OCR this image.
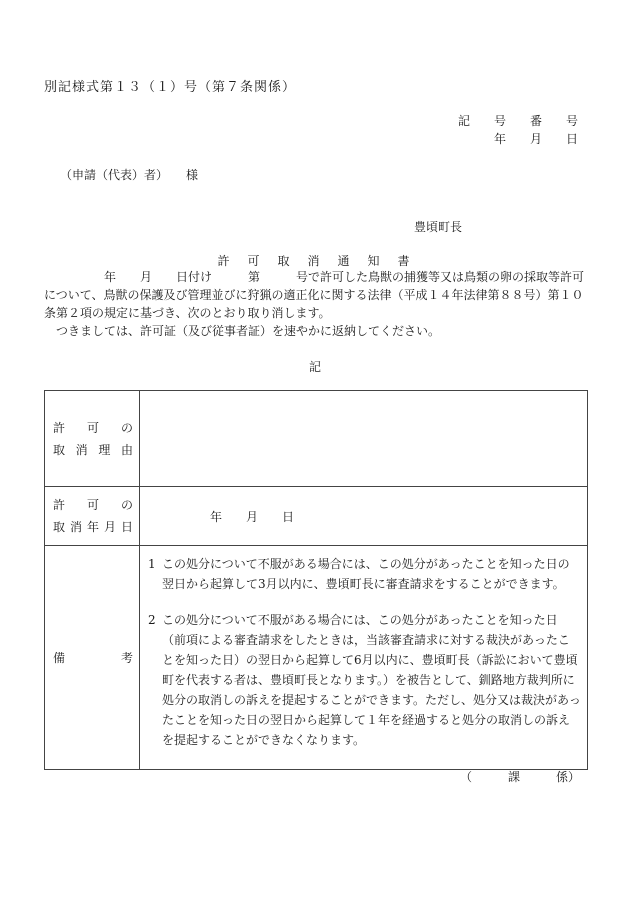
別記様式第１３（１）号（第７条関係）
記　　号　　番　　号
年　　月　　日
（申請（代表）者）　　様
豊頃町長
許　可　取　消　通　知　書

　　　　　年　　月　　日付け　　　第　　　号で許可した鳥獣の捕獲等又は鳥類の卵の採取等許可について、鳥獣の保護及び管理並びに狩猟の適正化に関する法律（平成１４年法律第８８号）第１０条第２項の規定に基づき、次のとおり取り消します。

　つきましては、許可証（及び従事者証）を速やかに返納してください。

記
許　可　の
取消理由	

許　可　の
取消年月日	年　　月　　日

備　　　考	1 この処分について不服がある場合には、この処分があったことを知った日の翌日から起算して3月以内に、豊頃町長に審査請求をすることができます。

2 この処分について不服がある場合には、この処分があったことを知った日（前項による審査請求をしたときは，当該審査請求に対する裁決があったことを知った日）の翌日から起算して6月以内に、豊頃町長（訴訟において豊頃町を代表する者は、豊頃町長となります。）を被告として、釧路地方裁判所に処分の取消しの訴えを提起することができます。ただし、処分又は裁決があったことを知った日の翌日から起算して１年を経過すると処分の取消しの訴えを提起することができなくなります。

（　　　課　　　係）
